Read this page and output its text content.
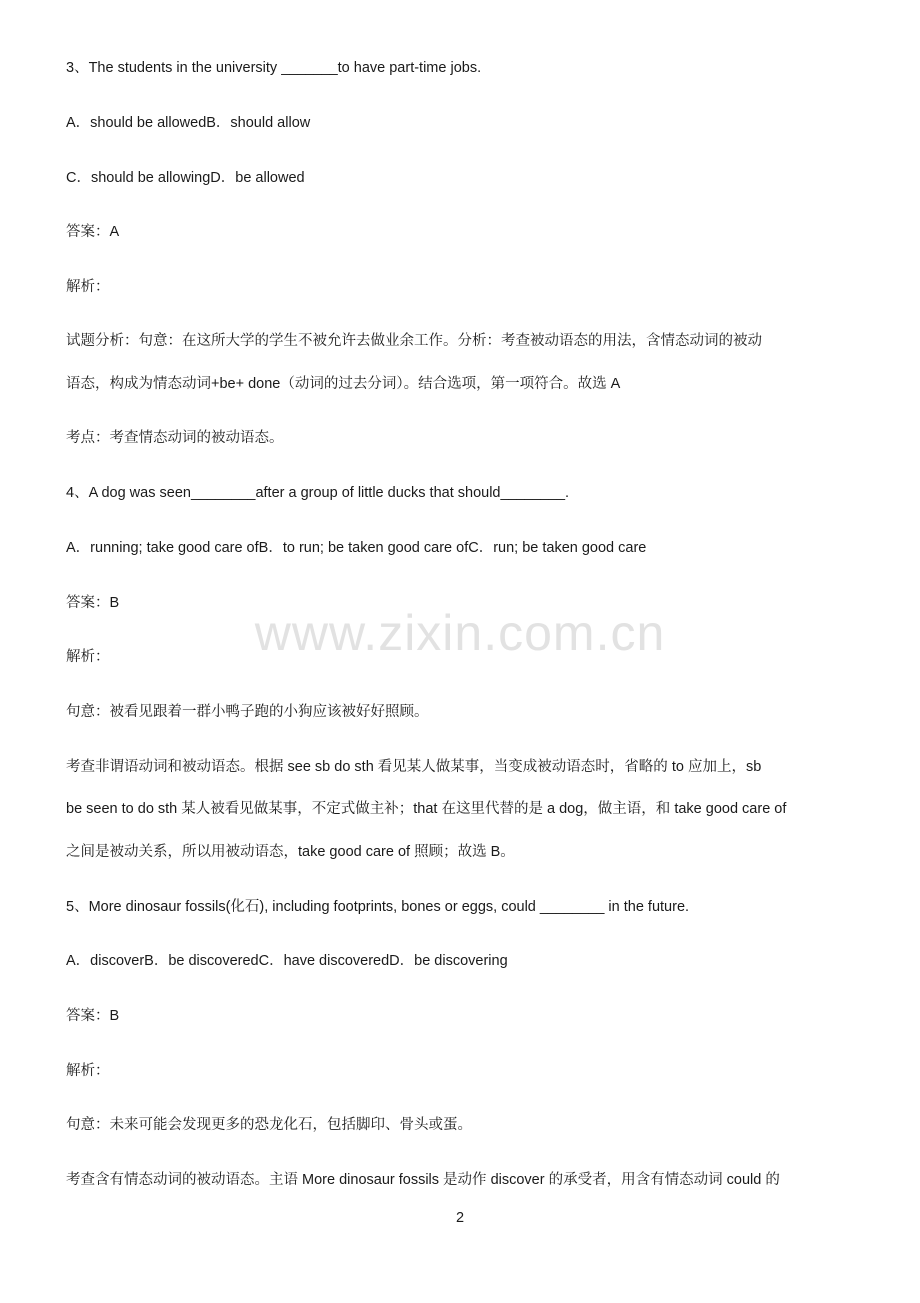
www.zixin.com.cn
3、The students in the university _______to have part-time jobs.
A．should be allowedB．should allow
C．should be allowingD．be allowed
答案：A
解析：
试题分析：句意：在这所大学的学生不被允许去做业余工作。分析：考查被动语态的用法，含情态动词的被动
语态，构成为情态动词+be+ done（动词的过去分词）。结合选项，第一项符合。故选 A
考点：考查情态动词的被动语态。
4、A dog was seen________after a group of little ducks that should________.
A．running; take good care ofB．to run; be taken good care ofC．run; be taken good care
答案：B
解析：
句意：被看见跟着一群小鸭子跑的小狗应该被好好照顾。
考查非谓语动词和被动语态。根据 see sb do sth 看见某人做某事，当变成被动语态时，省略的 to 应加上，sb
be seen to do sth 某人被看见做某事，不定式做主补；that 在这里代替的是 a dog，做主语，和 take good care of
之间是被动关系，所以用被动语态，take good care of 照顾；故选 B。
5、More dinosaur fossils(化石), including footprints, bones or eggs, could ________ in the future.
A．discoverB．be discoveredC．have discoveredD．be discovering
答案：B
解析：
句意：未来可能会发现更多的恐龙化石，包括脚印、骨头或蛋。
考查含有情态动词的被动语态。主语 More dinosaur fossils 是动作 discover 的承受者，用含有情态动词 could 的
2
